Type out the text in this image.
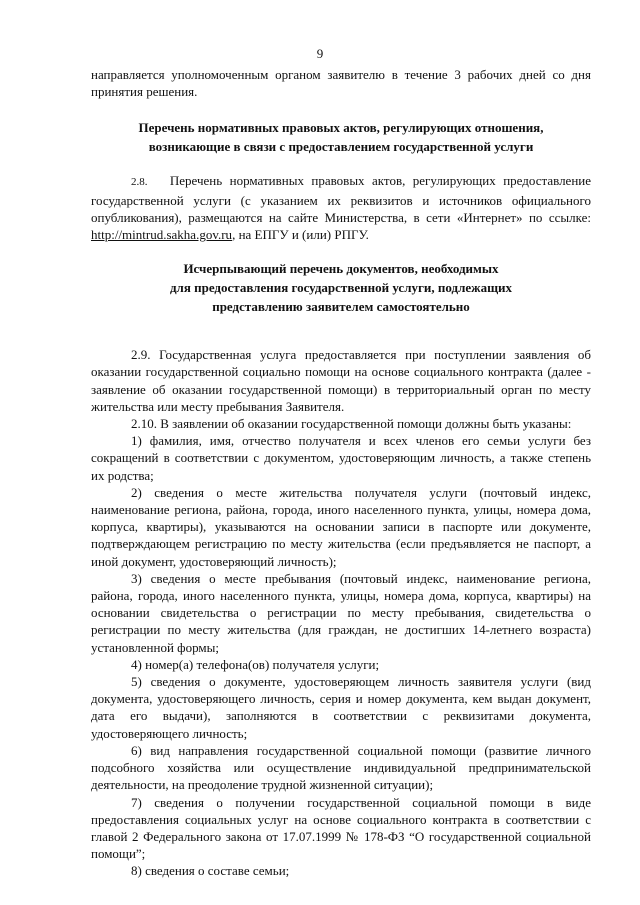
9

направляется уполномоченным органом заявителю в течение 3 рабочих дней со дня принятия решения.

Перечень нормативных правовых актов, регулирующих отношения,
возникающие в связи с предоставлением государственной услуги

2.8. Перечень нормативных правовых актов, регулирующих предоставление государственной услуги (с указанием их реквизитов и источников официального опубликования), размещаются на сайте Министерства, в сети «Интернет» по ссылке: http://mintrud.sakha.gov.ru, на ЕПГУ и (или) РПГУ.

Исчерпывающий перечень документов, необходимых
для предоставления государственной услуги, подлежащих
представлению заявителем самостоятельно

2.9. Государственная услуга предоставляется при поступлении заявления об оказании государственной социально помощи на основе социального контракта (далее - заявление об оказании государственной помощи) в территориальный орган по месту жительства или месту пребывания Заявителя.

2.10. В заявлении об оказании государственной помощи должны быть указаны:

1) фамилия, имя, отчество получателя и всех членов его семьи услуги без сокращений в соответствии с документом, удостоверяющим личность, а также степень их родства;

2) сведения о месте жительства получателя услуги (почтовый индекс, наименование региона, района, города, иного населенного пункта, улицы, номера дома, корпуса, квартиры), указываются на основании записи в паспорте или документе, подтверждающем регистрацию по месту жительства (если предъявляется не паспорт, а иной документ, удостоверяющий личность);

3) сведения о месте пребывания (почтовый индекс, наименование региона, района, города, иного населенного пункта, улицы, номера дома, корпуса, квартиры) на основании свидетельства о регистрации по месту пребывания, свидетельства о регистрации по месту жительства (для граждан, не достигших 14-летнего возраста) установленной формы;

4) номер(а) телефона(ов) получателя услуги;

5) сведения о документе, удостоверяющем личность заявителя услуги (вид документа, удостоверяющего личность, серия и номер документа, кем выдан документ, дата его выдачи), заполняются в соответствии с реквизитами документа, удостоверяющего личность;

6) вид направления государственной социальной помощи (развитие личного подсобного хозяйства или осуществление индивидуальной предпринимательской деятельности, на преодоление трудной жизненной ситуации);

7) сведения о получении государственной социальной помощи в виде предоставления социальных услуг на основе социального контракта в соответствии с главой 2 Федерального закона от 17.07.1999 № 178-ФЗ “О государственной социальной помощи”;

8) сведения о составе семьи;
